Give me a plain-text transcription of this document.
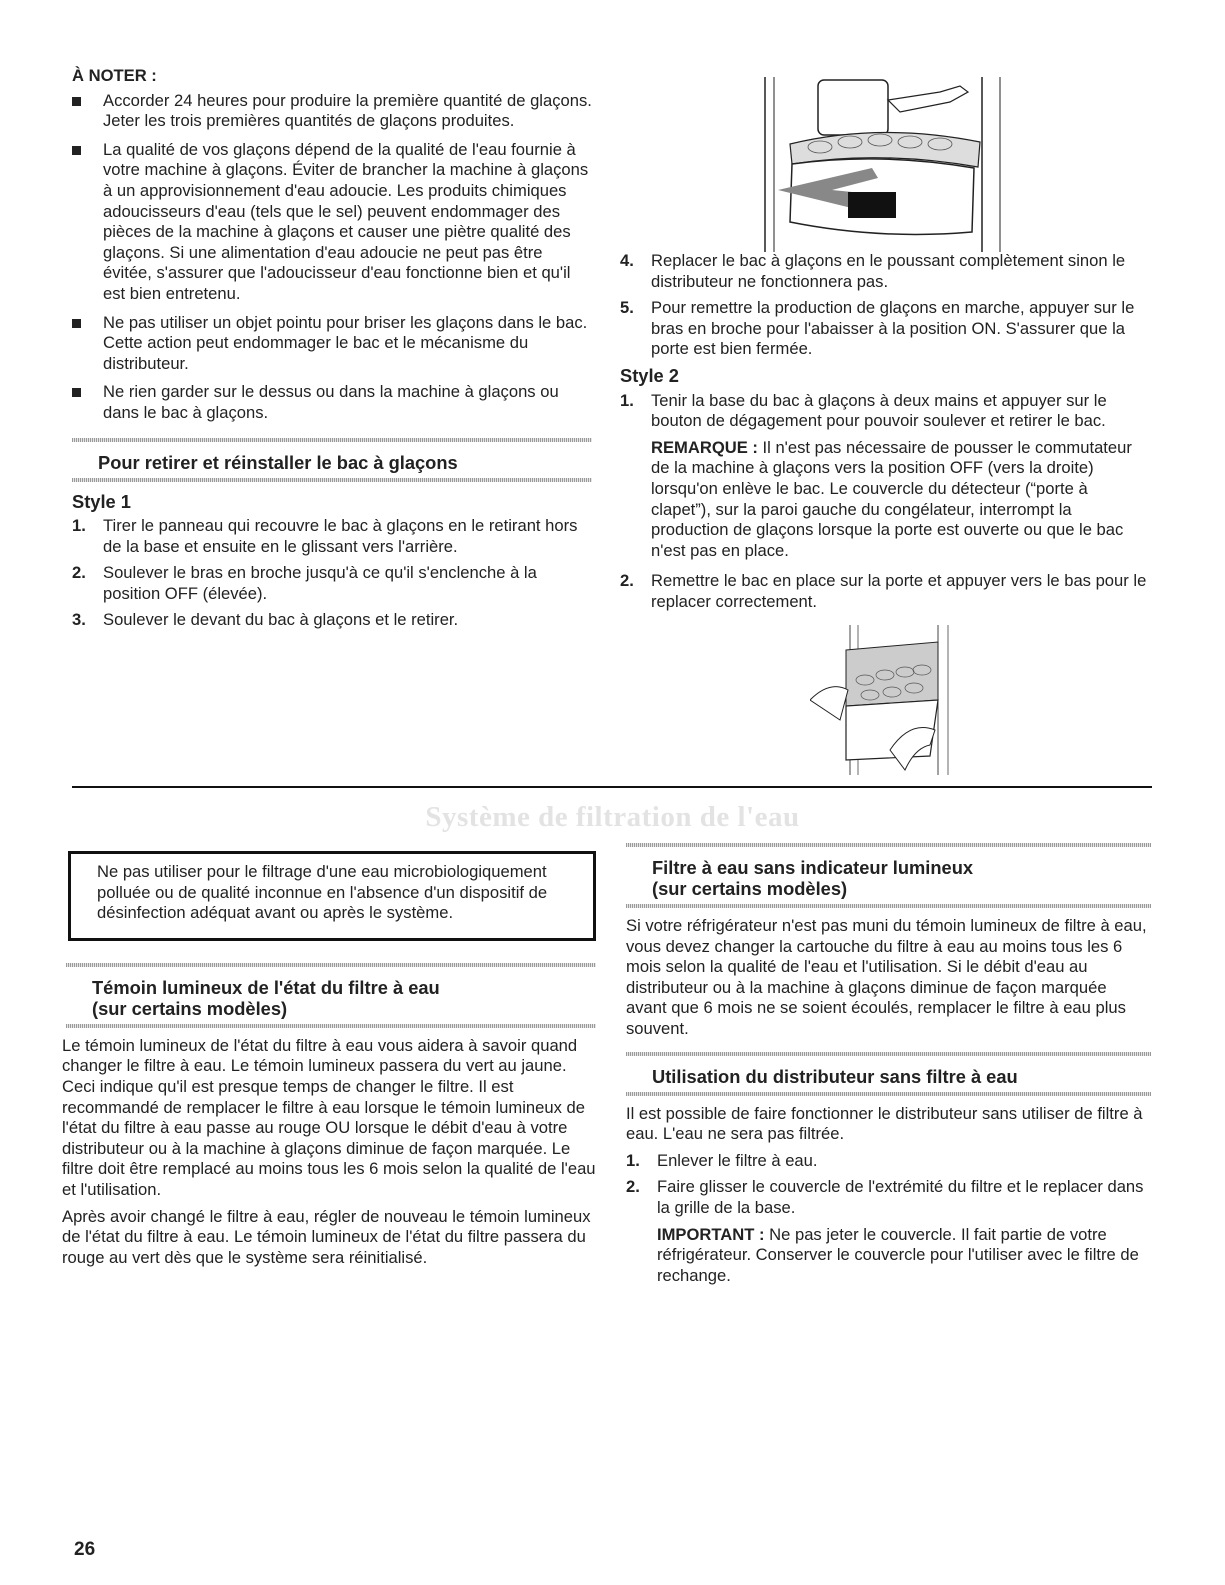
À NOTER :
Accorder 24 heures pour produire la première quantité de glaçons. Jeter les trois premières quantités de glaçons produites.
La qualité de vos glaçons dépend de la qualité de l'eau fournie à votre machine à glaçons. Éviter de brancher la machine à glaçons à un approvisionnement d'eau adoucie. Les produits chimiques adoucisseurs d'eau (tels que le sel) peuvent endommager des pièces de la machine à glaçons et causer une piètre qualité des glaçons. Si une alimentation d'eau adoucie ne peut pas être évitée, s'assurer que l'adoucisseur d'eau fonctionne bien et qu'il est bien entretenu.
Ne pas utiliser un objet pointu pour briser les glaçons dans le bac. Cette action peut endommager le bac et le mécanisme du distributeur.
Ne rien garder sur le dessus ou dans la machine à glaçons ou dans le bac à glaçons.
Pour retirer et réinstaller le bac à glaçons
Style 1
1. Tirer le panneau qui recouvre le bac à glaçons en le retirant hors de la base et ensuite en le glissant vers l'arrière.
2. Soulever le bras en broche jusqu'à ce qu'il s'enclenche à la position OFF (élevée).
3. Soulever le devant du bac à glaçons et le retirer.
4. Replacer le bac à glaçons en le poussant complètement sinon le distributeur ne fonctionnera pas.
5. Pour remettre la production de glaçons en marche, appuyer sur le bras en broche pour l'abaisser à la position ON. S'assurer que la porte est bien fermée.
Style 2
1. Tenir la base du bac à glaçons à deux mains et appuyer sur le bouton de dégagement pour pouvoir soulever et retirer le bac.

REMARQUE : Il n'est pas nécessaire de pousser le commutateur de la machine à glaçons vers la position OFF (vers la droite) lorsqu'on enlève le bac. Le couvercle du détecteur (“porte à clapet”), sur la paroi gauche du congélateur, interrompt la production de glaçons lorsque la porte est ouverte ou que le bac n'est pas en place.

2. Remettre le bac en place sur la porte et appuyer vers le bas pour le replacer correctement.
Système de filtration de l'eau
Ne pas utiliser pour le filtrage d'une eau microbiologiquement polluée ou de qualité inconnue en l'absence d'un dispositif de désinfection adéquat avant ou après le système.
Témoin lumineux de l'état du filtre à eau
(sur certains modèles)

Le témoin lumineux de l'état du filtre à eau vous aidera à savoir quand changer le filtre à eau. Le témoin lumineux passera du vert au jaune. Ceci indique qu'il est presque temps de changer le filtre. Il est recommandé de remplacer le filtre à eau lorsque le témoin lumineux de l'état du filtre à eau passe au rouge OU lorsque le débit d'eau à votre distributeur ou à la machine à glaçons diminue de façon marquée. Le filtre doit être remplacé au moins tous les 6 mois selon la qualité de l'eau et l'utilisation.

Après avoir changé le filtre à eau, régler de nouveau le témoin lumineux de l'état du filtre à eau. Le témoin lumineux de l'état du filtre passera du rouge au vert dès que le système sera réinitialisé.

Filtre à eau sans indicateur lumineux
(sur certains modèles)

Si votre réfrigérateur n'est pas muni du témoin lumineux de filtre à eau, vous devez changer la cartouche du filtre à eau au moins tous les 6 mois selon la qualité de l'eau et l'utilisation. Si le débit d'eau au distributeur ou à la machine à glaçons diminue de façon marquée avant que 6 mois ne se soient écoulés, remplacer le filtre à eau plus souvent.

Utilisation du distributeur sans filtre à eau

Il est possible de faire fonctionner le distributeur sans utiliser de filtre à eau. L'eau ne sera pas filtrée.

1. Enlever le filtre à eau.
2. Faire glisser le couvercle de l'extrémité du filtre et le replacer dans la grille de la base.

IMPORTANT : Ne pas jeter le couvercle. Il fait partie de votre réfrigérateur. Conserver le couvercle pour l'utiliser avec le filtre de rechange.

26
